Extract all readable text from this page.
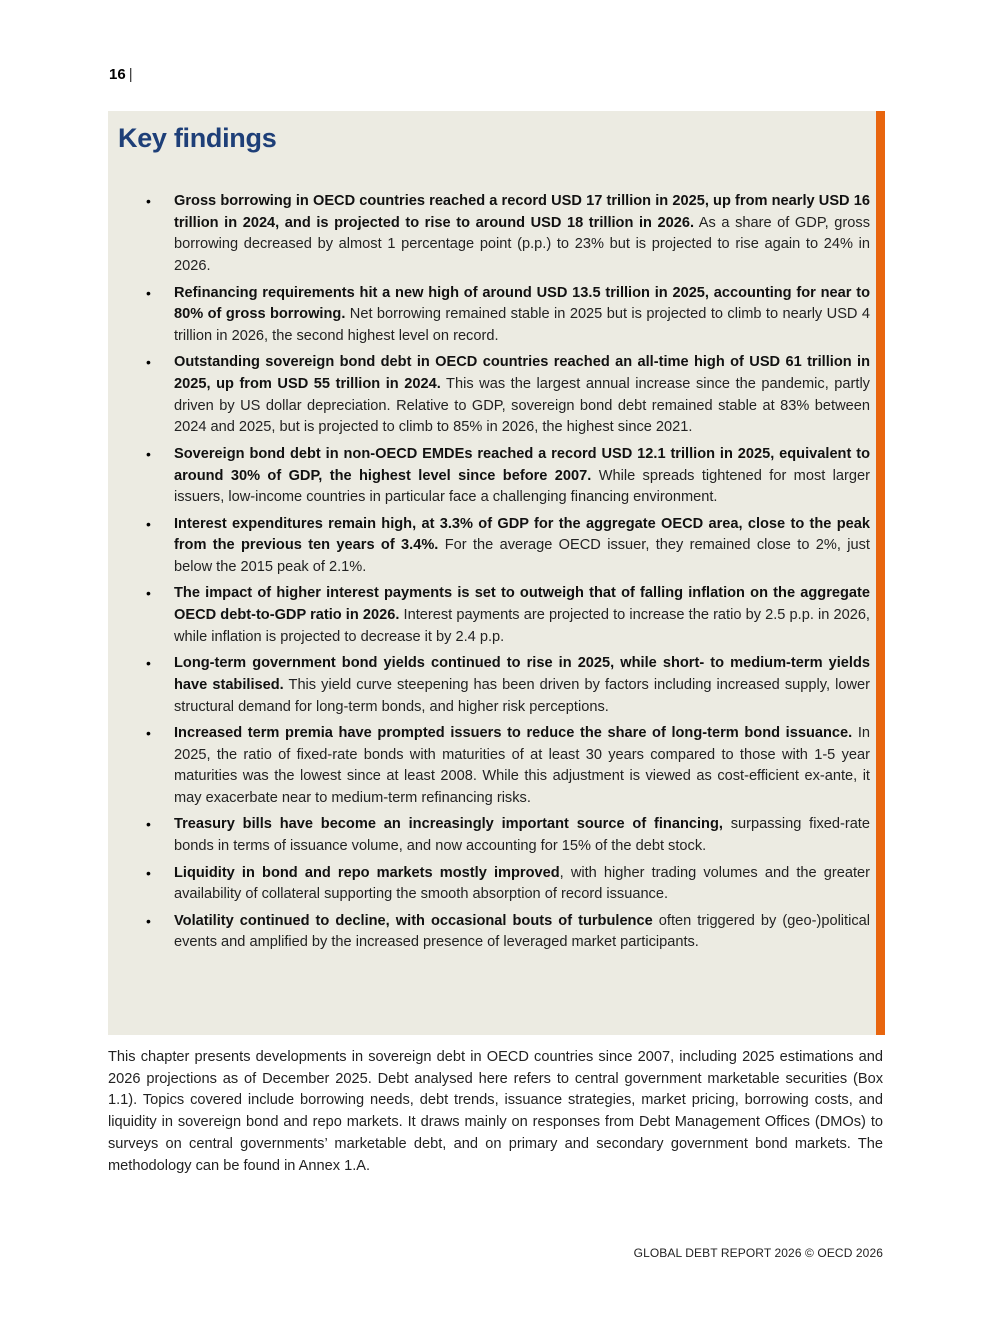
16 |
Key findings
• Gross borrowing in OECD countries reached a record USD 17 trillion in 2025, up from nearly USD 16 trillion in 2024, and is projected to rise to around USD 18 trillion in 2026. As a share of GDP, gross borrowing decreased by almost 1 percentage point (p.p.) to 23% but is projected to rise again to 24% in 2026.
• Refinancing requirements hit a new high of around USD 13.5 trillion in 2025, accounting for near to 80% of gross borrowing. Net borrowing remained stable in 2025 but is projected to climb to nearly USD 4 trillion in 2026, the second highest level on record.
• Outstanding sovereign bond debt in OECD countries reached an all-time high of USD 61 trillion in 2025, up from USD 55 trillion in 2024. This was the largest annual increase since the pandemic, partly driven by US dollar depreciation. Relative to GDP, sovereign bond debt remained stable at 83% between 2024 and 2025, but is projected to climb to 85% in 2026, the highest since 2021.
• Sovereign bond debt in non-OECD EMDEs reached a record USD 12.1 trillion in 2025, equivalent to around 30% of GDP, the highest level since before 2007. While spreads tightened for most larger issuers, low-income countries in particular face a challenging financing environment.
• Interest expenditures remain high, at 3.3% of GDP for the aggregate OECD area, close to the peak from the previous ten years of 3.4%. For the average OECD issuer, they remained close to 2%, just below the 2015 peak of 2.1%.
• The impact of higher interest payments is set to outweigh that of falling inflation on the aggregate OECD debt-to-GDP ratio in 2026. Interest payments are projected to increase the ratio by 2.5 p.p. in 2026, while inflation is projected to decrease it by 2.4 p.p.
• Long-term government bond yields continued to rise in 2025, while short- to medium-term yields have stabilised. This yield curve steepening has been driven by factors including increased supply, lower structural demand for long-term bonds, and higher risk perceptions.
• Increased term premia have prompted issuers to reduce the share of long-term bond issuance. In 2025, the ratio of fixed-rate bonds with maturities of at least 30 years compared to those with 1-5 year maturities was the lowest since at least 2008. While this adjustment is viewed as cost-efficient ex-ante, it may exacerbate near to medium-term refinancing risks.
• Treasury bills have become an increasingly important source of financing, surpassing fixed-rate bonds in terms of issuance volume, and now accounting for 15% of the debt stock.
• Liquidity in bond and repo markets mostly improved, with higher trading volumes and the greater availability of collateral supporting the smooth absorption of record issuance.
• Volatility continued to decline, with occasional bouts of turbulence often triggered by (geo-)political events and amplified by the increased presence of leveraged market participants.

This chapter presents developments in sovereign debt in OECD countries since 2007, including 2025 estimations and 2026 projections as of December 2025. Debt analysed here refers to central government marketable securities (Box 1.1). Topics covered include borrowing needs, debt trends, issuance strategies, market pricing, borrowing costs, and liquidity in sovereign bond and repo markets. It draws mainly on responses from Debt Management Offices (DMOs) to surveys on central governments’ marketable debt, and on primary and secondary government bond markets. The methodology can be found in Annex 1.A.

GLOBAL DEBT REPORT 2026 © OECD 2026
